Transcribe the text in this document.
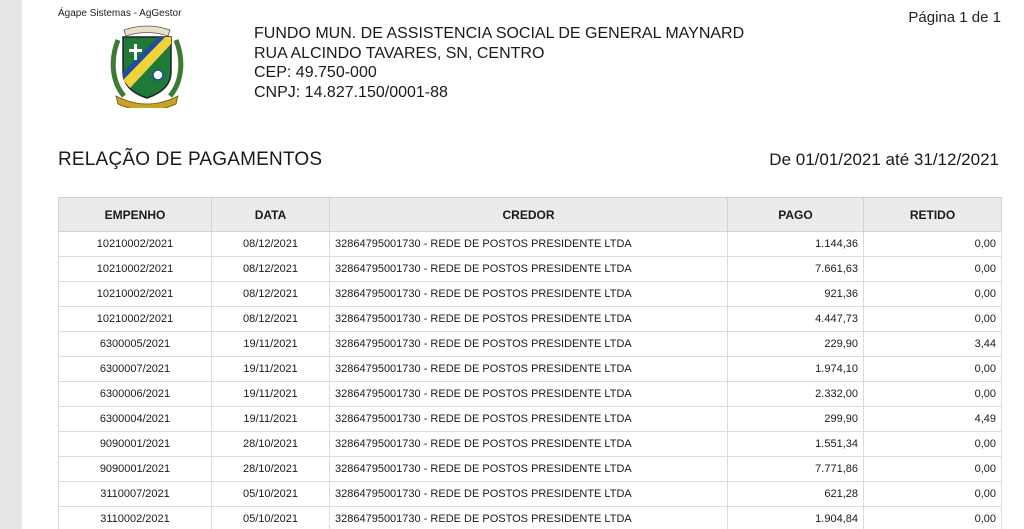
Ágape Sistemas - AgGestor	Página 1 de 1
FUNDO MUN. DE ASSISTENCIA SOCIAL DE GENERAL MAYNARD
RUA ALCINDO TAVARES, SN, CENTRO
CEP: 49.750-000
CNPJ: 14.827.150/0001-88
RELAÇÃO DE PAGAMENTOS	De 01/01/2021 até 31/12/2021
EMPENHO	DATA	CREDOR	PAGO	RETIDO
10210002/2021	08/12/2021	32864795001730 - REDE DE POSTOS PRESIDENTE LTDA	1.144,36	0,00
10210002/2021	08/12/2021	32864795001730 - REDE DE POSTOS PRESIDENTE LTDA	7.661,63	0,00
10210002/2021	08/12/2021	32864795001730 - REDE DE POSTOS PRESIDENTE LTDA	921,36	0,00
10210002/2021	08/12/2021	32864795001730 - REDE DE POSTOS PRESIDENTE LTDA	4.447,73	0,00
6300005/2021	19/11/2021	32864795001730 - REDE DE POSTOS PRESIDENTE LTDA	229,90	3,44
6300007/2021	19/11/2021	32864795001730 - REDE DE POSTOS PRESIDENTE LTDA	1.974,10	0,00
6300006/2021	19/11/2021	32864795001730 - REDE DE POSTOS PRESIDENTE LTDA	2.332,00	0,00
6300004/2021	19/11/2021	32864795001730 - REDE DE POSTOS PRESIDENTE LTDA	299,90	4,49
9090001/2021	28/10/2021	32864795001730 - REDE DE POSTOS PRESIDENTE LTDA	1.551,34	0,00
9090001/2021	28/10/2021	32864795001730 - REDE DE POSTOS PRESIDENTE LTDA	7.771,86	0,00
3110007/2021	05/10/2021	32864795001730 - REDE DE POSTOS PRESIDENTE LTDA	621,28	0,00
3110002/2021	05/10/2021	32864795001730 - REDE DE POSTOS PRESIDENTE LTDA	1.904,84	0,00
